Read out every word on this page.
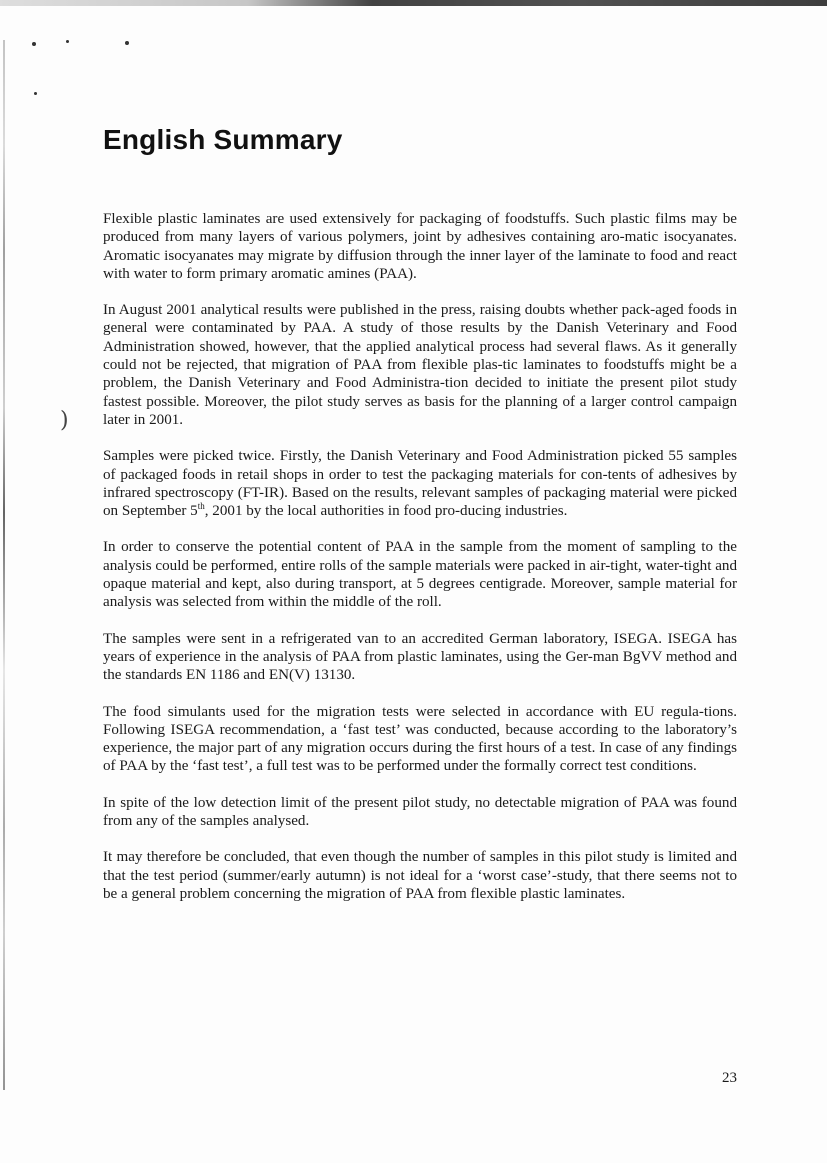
)
English Summary

Flexible plastic laminates are used extensively for packaging of foodstuffs. Such plastic films may be produced from many layers of various polymers, joint by adhesives containing aro-matic isocyanates. Aromatic isocyanates may migrate by diffusion through the inner layer of the laminate to food and react with water to form primary aromatic amines (PAA).

In August 2001 analytical results were published in the press, raising doubts whether pack-aged foods in general were contaminated by PAA. A study of those results by the Danish Veterinary and Food Administration showed, however, that the applied analytical process had several flaws. As it generally could not be rejected, that migration of PAA from flexible plas-tic laminates to foodstuffs might be a problem, the Danish Veterinary and Food Administra-tion decided to initiate the present pilot study fastest possible. Moreover, the pilot study serves as basis for the planning of a larger control campaign later in 2001.

Samples were picked twice. Firstly, the Danish Veterinary and Food Administration picked 55 samples of packaged foods in retail shops in order to test the packaging materials for con-tents of adhesives by infrared spectroscopy (FT-IR). Based on the results, relevant samples of packaging material were picked on September 5th, 2001 by the local authorities in food pro-ducing industries.

In order to conserve the potential content of PAA in the sample from the moment of sampling to the analysis could be performed, entire rolls of the sample materials were packed in air-tight, water-tight and opaque material and kept, also during transport, at 5 degrees centigrade. Moreover, sample material for analysis was selected from within the middle of the roll.

The samples were sent in a refrigerated van to an accredited German laboratory, ISEGA. ISEGA has years of experience in the analysis of PAA from plastic laminates, using the Ger-man BgVV method and the standards EN 1186 and EN(V) 13130.

The food simulants used for the migration tests were selected in accordance with EU regula-tions. Following ISEGA recommendation, a ‘fast test’ was conducted, because according to the laboratory’s experience, the major part of any migration occurs during the first hours of a test. In case of any findings of PAA by the ‘fast test’, a full test was to be performed under the formally correct test conditions.

In spite of the low detection limit of the present pilot study, no detectable migration of PAA was found from any of the samples analysed.

It may therefore be concluded, that even though the number of samples in this pilot study is limited and that the test period (summer/early autumn) is not ideal for a ‘worst case’-study, that there seems not to be a general problem concerning the migration of PAA from flexible plastic laminates.

23
